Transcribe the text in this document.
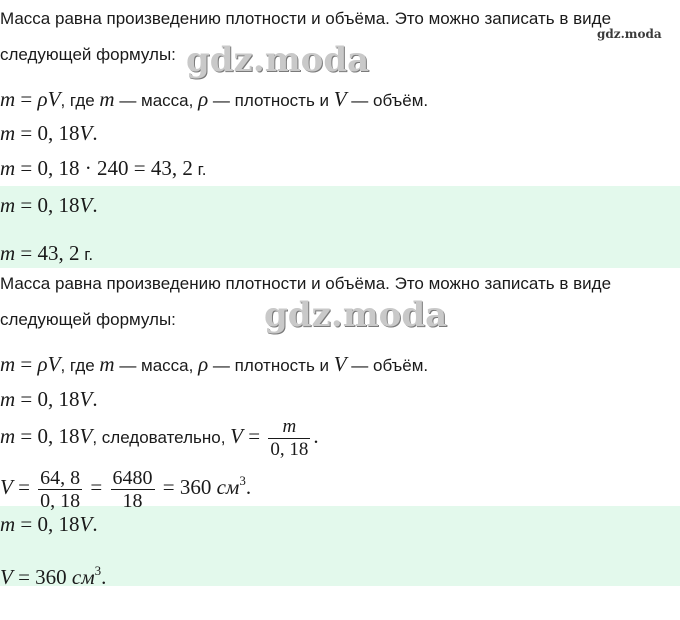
gdz.moda
gdz.moda
gdz.moda
Масса равна произведению плотности и объёма. Это можно записать в виде
следующей формулы:
m = ρV, где m — масса, ρ — плотность и V — объём.
m = 0, 18V.
m = 0, 18 · 240 = 43, 2 г.
m = 0, 18V.
m = 43, 2 г.
Масса равна произведению плотности и объёма. Это можно записать в виде
следующей формулы:
m = ρV, где m — масса, ρ — плотность и V — объём.
m = 0, 18V.
m = 0, 18V, следовательно, $V = \frac{m}{0, 18}$ .
$V = \frac{64, 8}{0, 18} = \frac{6480}{18} = 360$ $см^3$.
m = 0, 18V.
V = 360 $см^3$.
